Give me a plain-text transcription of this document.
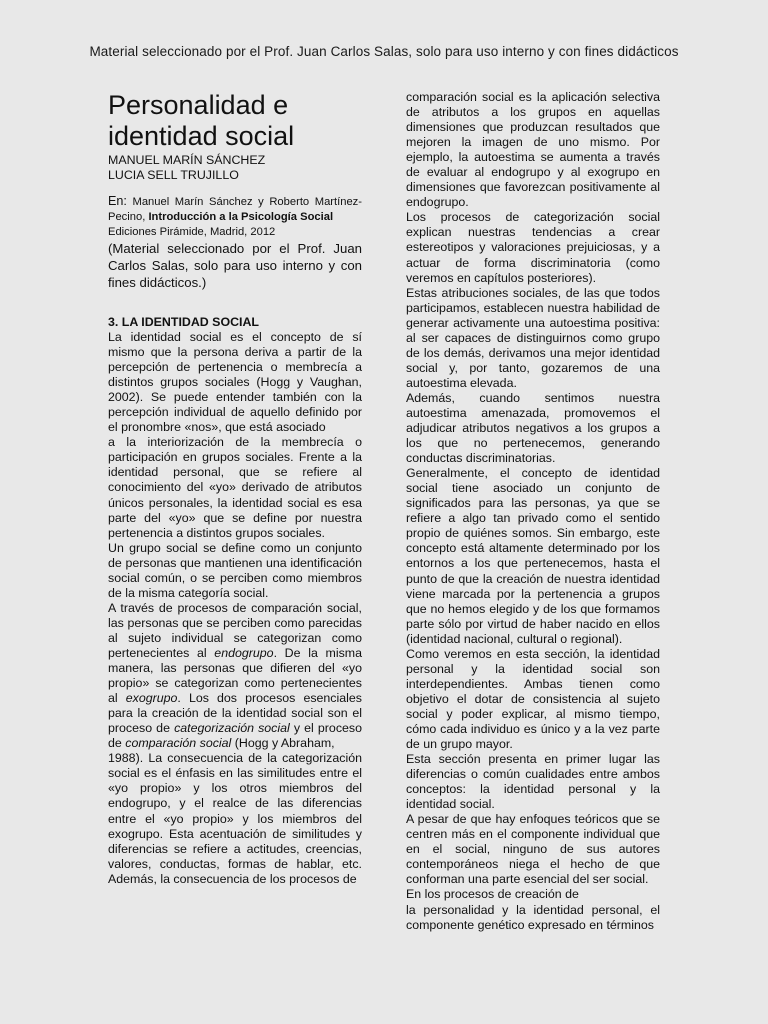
Material seleccionado por el Prof. Juan Carlos Salas, solo para uso interno y con fines didácticos
Personalidad e
identidad social
MANUEL MARÍN SÁNCHEZ
LUCIA SELL TRUJILLO
En: Manuel Marín Sánchez y Roberto Martínez-Pecino, Introducción a la Psicología Social
Ediciones Pirámide, Madrid, 2012

(Material seleccionado por el Prof. Juan Carlos Salas, solo para uso interno y con fines didácticos.)

3. LA IDENTIDAD SOCIAL

La identidad social es el concepto de sí mismo que la persona deriva a partir de la percepción de pertenencia o membrecía a distintos grupos sociales (Hogg y Vaughan, 2002). Se puede entender también con la percepción individual de aquello definido por el pronombre «nos», que está asociado

a la interiorización de la membrecía o participación en grupos sociales. Frente a la identidad personal, que se refiere al conocimiento del «yo» derivado de atributos únicos personales, la identidad social es esa parte del «yo» que se define por nuestra pertenencia a distintos grupos sociales.

Un grupo social se define como un conjunto de personas que mantienen una identificación social común, o se perciben como miembros de la misma categoría social.

A través de procesos de comparación social, las personas que se perciben como parecidas al sujeto individual se categorizan como pertenecientes al endogrupo. De la misma manera, las personas que difieren del «yo propio» se categorizan como pertenecientes al exogrupo. Los dos procesos esenciales para la creación de la identidad social son el proceso de categorización social y el proceso de comparación social (Hogg y Abraham,

1988). La consecuencia de la categorización social es el énfasis en las similitudes entre el «yo propio» y los otros miembros del endogrupo, y el realce de las diferencias entre el «yo propio» y los miembros del exogrupo. Esta acentuación de similitudes y diferencias se refiere a actitudes, creencias, valores, conductas, formas de hablar, etc. Además, la consecuencia de los procesos de

comparación social es la aplicación selectiva de atributos a los grupos en aquellas dimensiones que produzcan resultados que mejoren la imagen de uno mismo. Por ejemplo, la autoestima se aumenta a través de evaluar al endogrupo y al exogrupo en dimensiones que favorezcan positivamente al endogrupo.

Los procesos de categorización social explican nuestras tendencias a crear estereotipos y valoraciones prejuiciosas, y a actuar de forma discriminatoria (como veremos en capítulos posteriores).

Estas atribuciones sociales, de las que todos participamos, establecen nuestra habilidad de generar activamente una autoestima positiva: al ser capaces de distinguirnos como grupo de los demás, derivamos una mejor identidad social y, por tanto, gozaremos de una autoestima elevada.

Además, cuando sentimos nuestra autoestima amenazada, promovemos el adjudicar atributos negativos a los grupos a los que no pertenecemos, generando conductas discriminatorias.

Generalmente, el concepto de identidad social tiene asociado un conjunto de significados para las personas, ya que se refiere a algo tan privado como el sentido propio de quiénes somos. Sin embargo, este concepto está altamente determinado por los entornos a los que pertenecemos, hasta el punto de que la creación de nuestra identidad viene marcada por la pertenencia a grupos que no hemos elegido y de los que formamos parte sólo por virtud de haber nacido en ellos (identidad nacional, cultural o regional).

Como veremos en esta sección, la identidad personal y la identidad social son interdependientes. Ambas tienen como objetivo el dotar de consistencia al sujeto social y poder explicar, al mismo tiempo, cómo cada individuo es único y a la vez parte de un grupo mayor.

Esta sección presenta en primer lugar las diferencias o común cualidades entre ambos conceptos: la identidad personal y la identidad social.

A pesar de que hay enfoques teóricos que se centren más en el componente individual que en el social, ninguno de sus autores contemporáneos niega el hecho de que conforman una parte esencial del ser social.

En los procesos de creación de

la personalidad y la identidad personal, el componente genético expresado en términos
